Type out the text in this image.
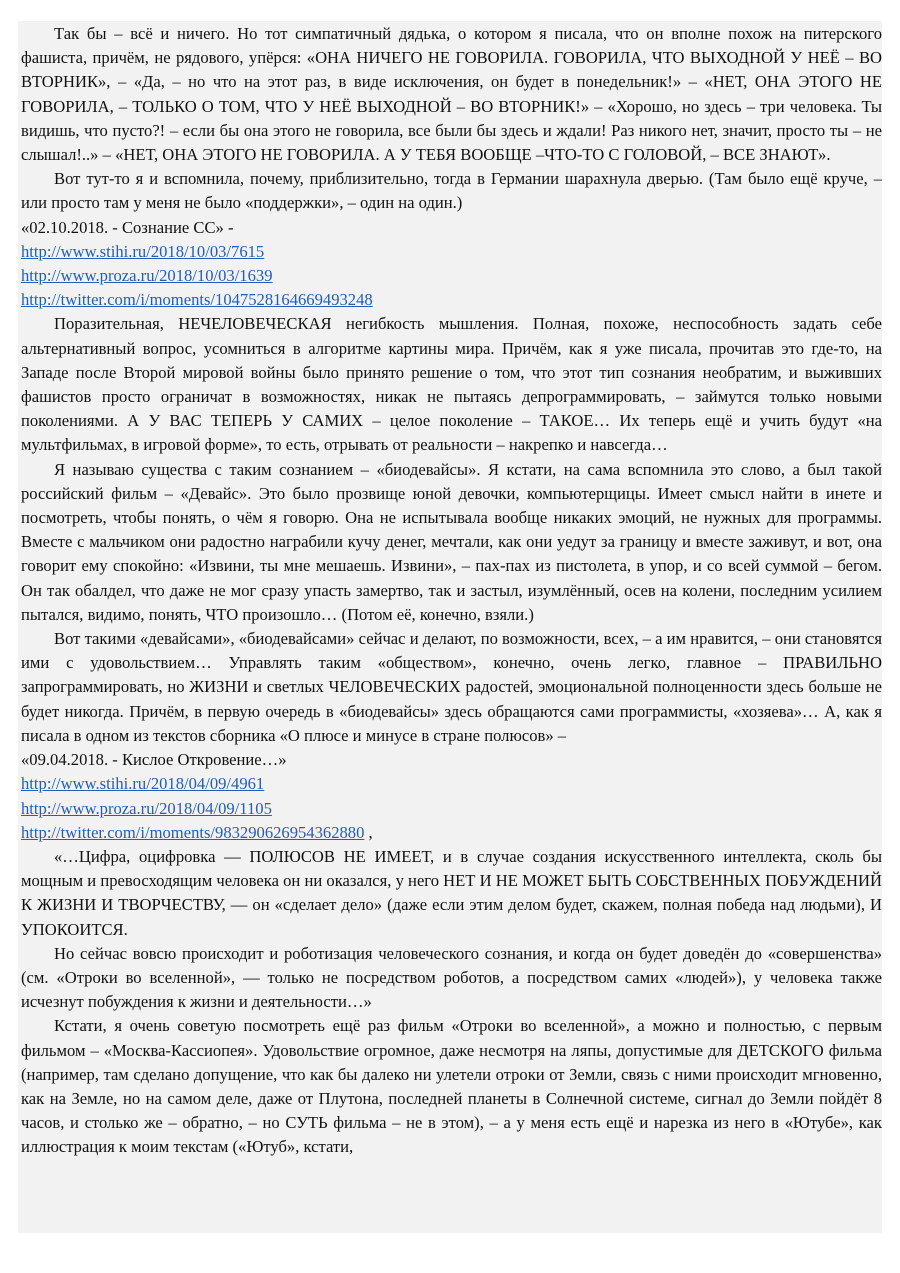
Так бы – всё и ничего. Но тот симпатичный дядька, о котором я писала, что он вполне похож на питерского фашиста, причём, не рядового, упёрся: «ОНА НИЧЕГО НЕ ГОВОРИЛА. ГОВОРИЛА, ЧТО ВЫХОДНОЙ У НЕЁ – ВО ВТОРНИК», – «Да, – но что на этот раз, в виде исключения, он будет в понедельник!» – «НЕТ, ОНА ЭТОГО НЕ ГОВОРИЛА, – ТОЛЬКО О ТОМ, ЧТО У НЕЁ ВЫХОДНОЙ – ВО ВТОРНИК!» – «Хорошо, но здесь – три человека. Ты видишь, что пусто?! – если бы она этого не говорила, все были бы здесь и ждали! Раз никого нет, значит, просто ты – не слышал!..» – «НЕТ, ОНА ЭТОГО НЕ ГОВОРИЛА. А У ТЕБЯ ВООБЩЕ –ЧТО-ТО С ГОЛОВОЙ, – ВСЕ ЗНАЮТ».

Вот тут-то я и вспомнила, почему, приблизительно, тогда в Германии шарахнула дверью. (Там было ещё круче, – или просто там у меня не было «поддержки», – один на один.)

«02.10.2018. - Сознание СС» -
http://www.stihi.ru/2018/10/03/7615
http://www.proza.ru/2018/10/03/1639
http://twitter.com/i/moments/1047528164669493248

Поразительная, НЕЧЕЛОВЕЧЕСКАЯ негибкость мышления. Полная, похоже, неспособность задать себе альтернативный вопрос, усомниться в алгоритме картины мира. Причём, как я уже писала, прочитав это где-то, на Западе после Второй мировой войны было принято решение о том, что этот тип сознания необратим, и выживших фашистов просто ограничат в возможностях, никак не пытаясь депрограммировать, – займутся только новыми поколениями. А У ВАС ТЕПЕРЬ У САМИХ – целое поколение – ТАКОЕ… Их теперь ещё и учить будут «на мультфильмах, в игровой форме», то есть, отрывать от реальности – накрепко и навсегда…

Я называю существа с таким сознанием – «биодевайсы». Я кстати, на сама вспомнила это слово, а был такой российский фильм – «Девайс». Это было прозвище юной девочки, компьютерщицы. Имеет смысл найти в инете и посмотреть, чтобы понять, о чём я говорю. Она не испытывала вообще никаких эмоций, не нужных для программы. Вместе с мальчиком они радостно награбили кучу денег, мечтали, как они уедут за границу и вместе заживут, и вот, она говорит ему спокойно: «Извини, ты мне мешаешь. Извини», – пах-пах из пистолета, в упор, и со всей суммой – бегом. Он так обалдел, что даже не мог сразу упасть замертво, так и застыл, изумлённый, осев на колени, последним усилием пытался, видимо, понять, ЧТО произошло… (Потом её, конечно, взяли.)

Вот такими «девайсами», «биодевайсами» сейчас и делают, по возможности, всех, – а им нравится, – они становятся ими с удовольствием… Управлять таким «обществом», конечно, очень легко, главное – ПРАВИЛЬНО запрограммировать, но ЖИЗНИ и светлых ЧЕЛОВЕЧЕСКИХ радостей, эмоциональной полноценности здесь больше не будет никогда. Причём, в первую очередь в «биодевайсы» здесь обращаются сами программисты, «хозяева»… А, как я писала в одном из текстов сборника «О плюсе и минусе в стране полюсов» –

«09.04.2018. - Кислое Откровение…»
http://www.stihi.ru/2018/04/09/4961
http://www.proza.ru/2018/04/09/1105
http://twitter.com/i/moments/983290626954362880 ,

«…Цифра, оцифровка — ПОЛЮСОВ НЕ ИМЕЕТ, и в случае создания искусственного интеллекта, сколь бы мощным и превосходящим человека он ни оказался, у него НЕТ И НЕ МОЖЕТ БЫТЬ СОБСТВЕННЫХ ПОБУЖДЕНИЙ К ЖИЗНИ И ТВОРЧЕСТВУ, — он «сделает дело» (даже если этим делом будет, скажем, полная победа над людьми), И УПОКОИТСЯ.

Но сейчас вовсю происходит и роботизация человеческого сознания, и когда он будет доведён до «совершенства» (см. «Отроки во вселенной», — только не посредством роботов, а посредством самих «людей»), у человека также исчезнут побуждения к жизни и деятельности…»

Кстати, я очень советую посмотреть ещё раз фильм «Отроки во вселенной», а можно и полностью, с первым фильмом – «Москва-Кассиопея». Удовольствие огромное, даже несмотря на ляпы, допустимые для ДЕТСКОГО фильма (например, там сделано допущение, что как бы далеко ни улетели отроки от Земли, связь с ними происходит мгновенно, как на Земле, но на самом деле, даже от Плутона, последней планеты в Солнечной системе, сигнал до Земли пойдёт 8 часов, и столько же – обратно, – но СУТЬ фильма – не в этом), – а у меня есть ещё и нарезка из него в «Ютубе», как иллюстрация к моим текстам («Ютуб», кстати,
